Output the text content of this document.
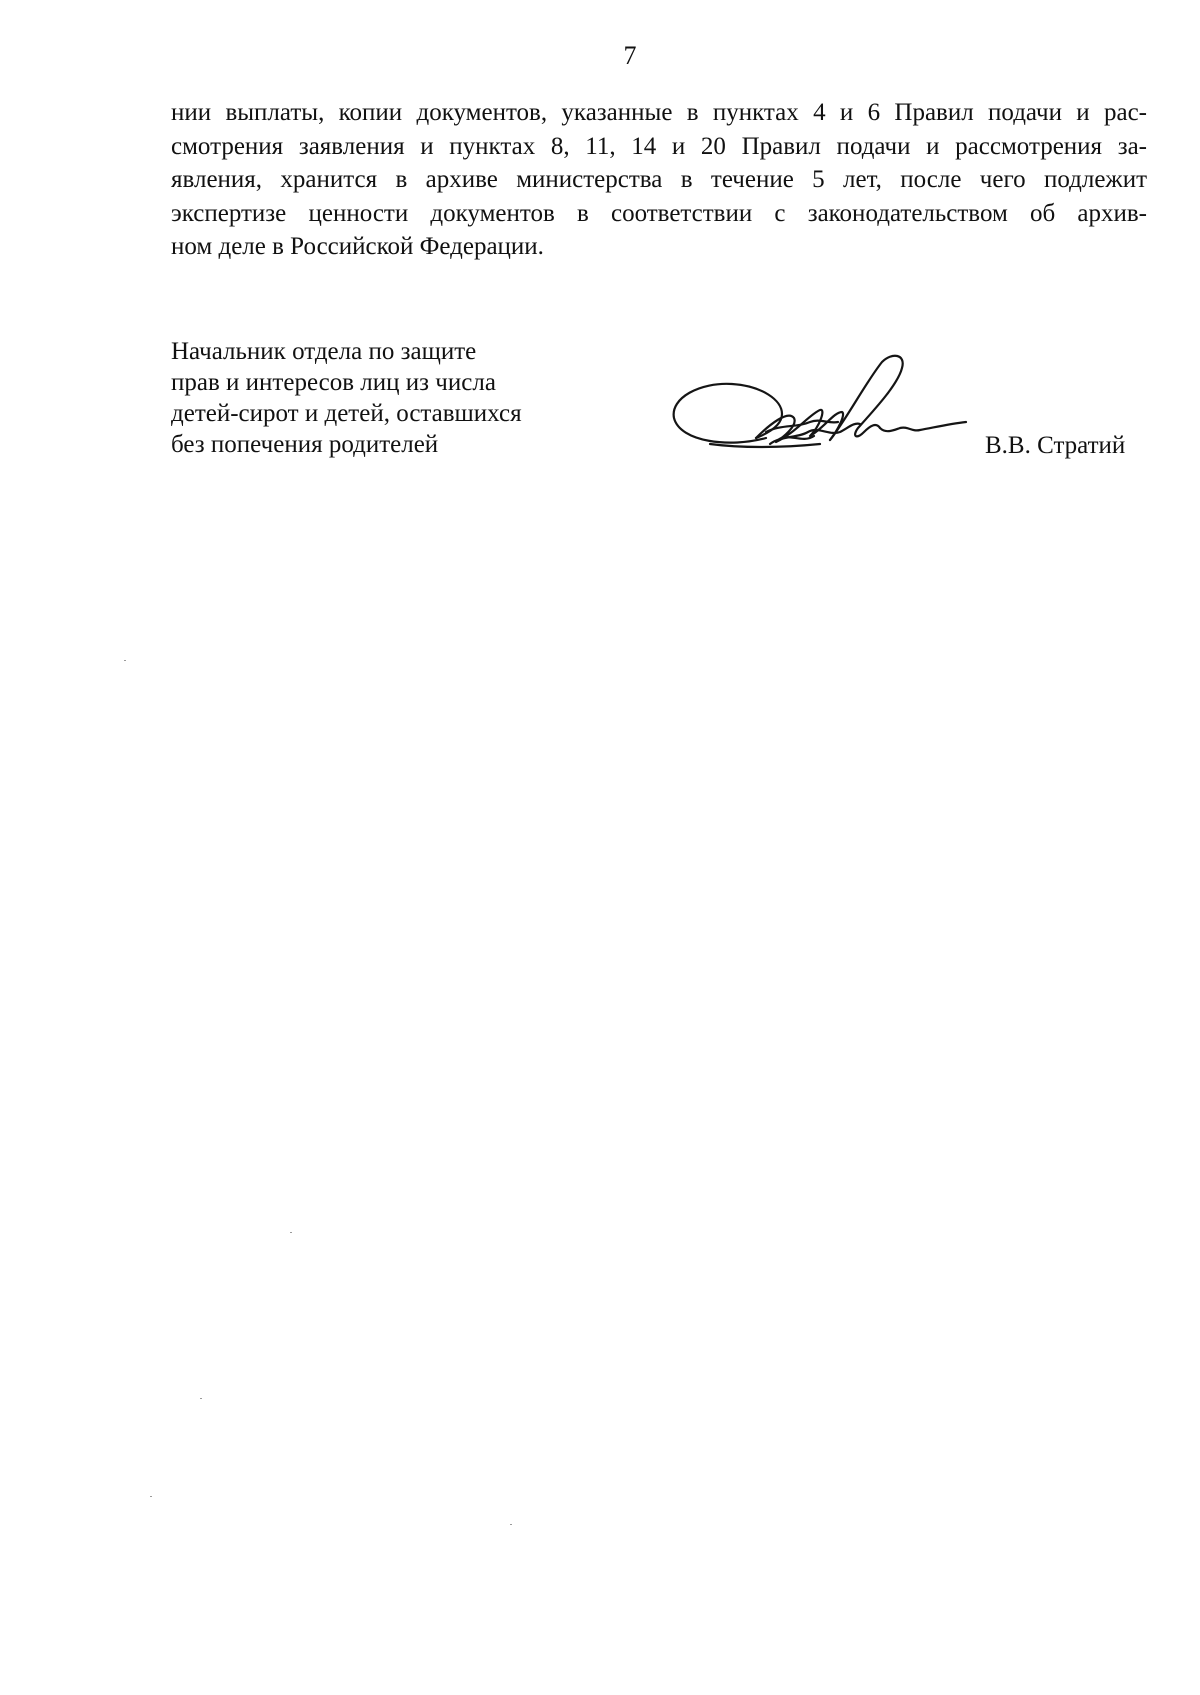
7

нии выплаты, копии документов, указанные в пунктах 4 и 6 Правил подачи и рас-
смотрения заявления и пунктах 8, 11, 14 и 20 Правил подачи и рассмотрения за-
явления, хранится в архиве министерства в течение 5 лет, после чего подлежит
экспертизе ценности документов в соответствии с законодательством об архив-
ном деле в Российской Федерации.

Начальник отдела по защите
прав и интересов лиц из числа
детей-сирот и детей, оставшихся
без попечения родителей	В.В. Стратий
